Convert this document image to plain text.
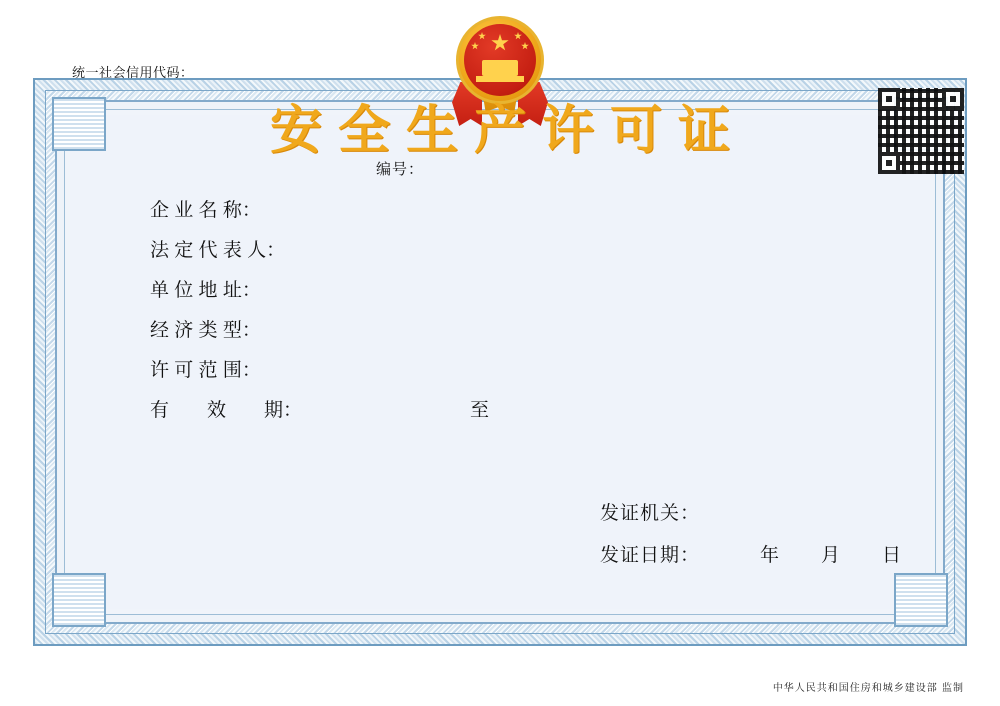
统一社会信用代码：
安全生产许可证
编号：
企 业 名 称：
法 定 代 表 人：
单 位 地 址：
经 济 类 型：
许 可 范 围：
有　　效　　期：	至
发证机关：
发证日期：	年 月 日
中华人民共和国住房和城乡建设部 监制
